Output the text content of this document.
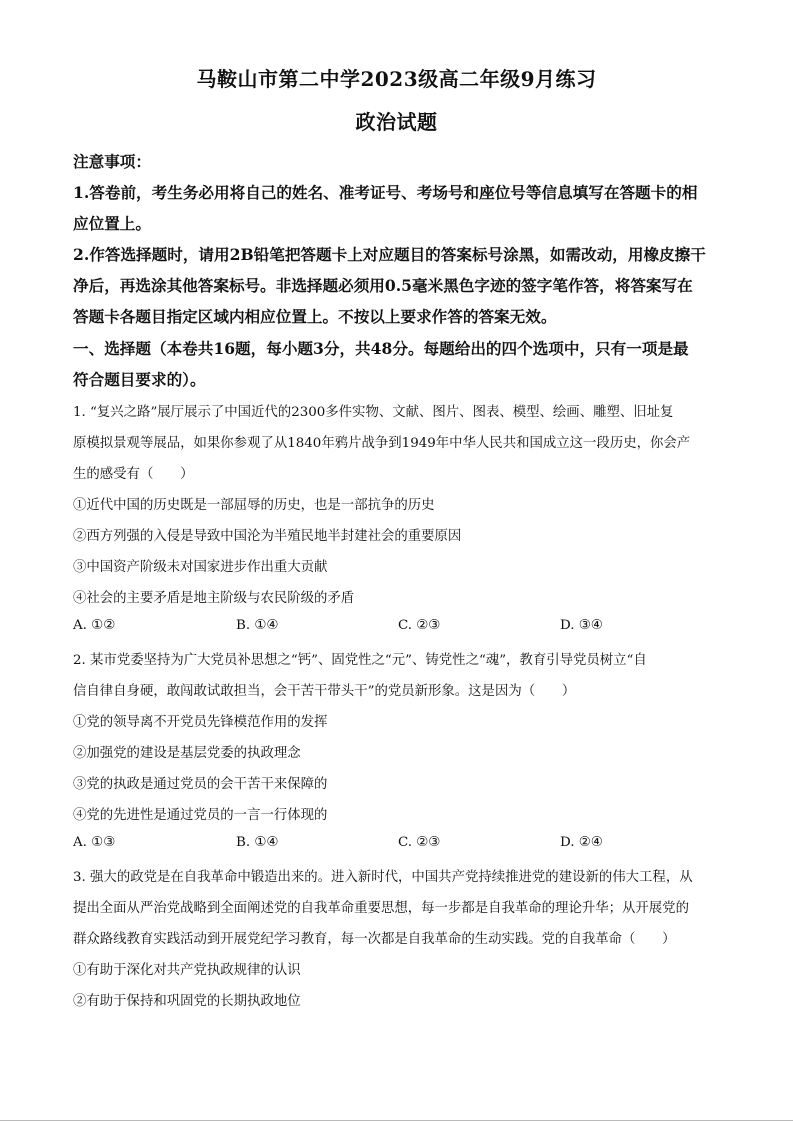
马鞍山市第二中学2023级高二年级9月练习
政治试题
注意事项：
1.答卷前，考生务必用将自己的姓名、准考证号、考场号和座位号等信息填写在答题卡的相
应位置上。
2.作答选择题时，请用2B铅笔把答题卡上对应题目的答案标号涂黑，如需改动，用橡皮擦干
净后，再选涂其他答案标号。非选择题必须用0.5毫米黑色字迹的签字笔作答，将答案写在
答题卡各题目指定区域内相应位置上。不按以上要求作答的答案无效。
一、选择题（本卷共16题，每小题3分，共48分。每题给出的四个选项中，只有一项是最
符合题目要求的）。
1. “复兴之路”展厅展示了中国近代的2300多件实物、文献、图片、图表、模型、绘画、雕塑、旧址复
原模拟景观等展品，如果你参观了从1840年鸦片战争到1949年中华人民共和国成立这一段历史，你会产
生的感受有（　　）
①近代中国的历史既是一部屈辱的历史，也是一部抗争的历史
②西方列强的入侵是导致中国沦为半殖民地半封建社会的重要原因
③中国资产阶级未对国家进步作出重大贡献
④社会的主要矛盾是地主阶级与农民阶级的矛盾
A. ①②	B. ①④	C. ②③	D. ③④
2. 某市党委坚持为广大党员补思想之“钙”、固党性之“元”、铸党性之“魂”，教育引导党员树立“自
信自律自身硬，敢闯敢试敢担当，会干苦干带头干”的党员新形象。这是因为（　　）
①党的领导离不开党员先锋模范作用的发挥
②加强党的建设是基层党委的执政理念
③党的执政是通过党员的会干苦干来保障的
④党的先进性是通过党员的一言一行体现的
A. ①③	B. ①④	C. ②③	D. ②④
3. 强大的政党是在自我革命中锻造出来的。进入新时代，中国共产党持续推进党的建设新的伟大工程，从
提出全面从严治党战略到全面阐述党的自我革命重要思想，每一步都是自我革命的理论升华；从开展党的
群众路线教育实践活动到开展党纪学习教育，每一次都是自我革命的生动实践。党的自我革命（　　）
①有助于深化对共产党执政规律的认识
②有助于保持和巩固党的长期执政地位
